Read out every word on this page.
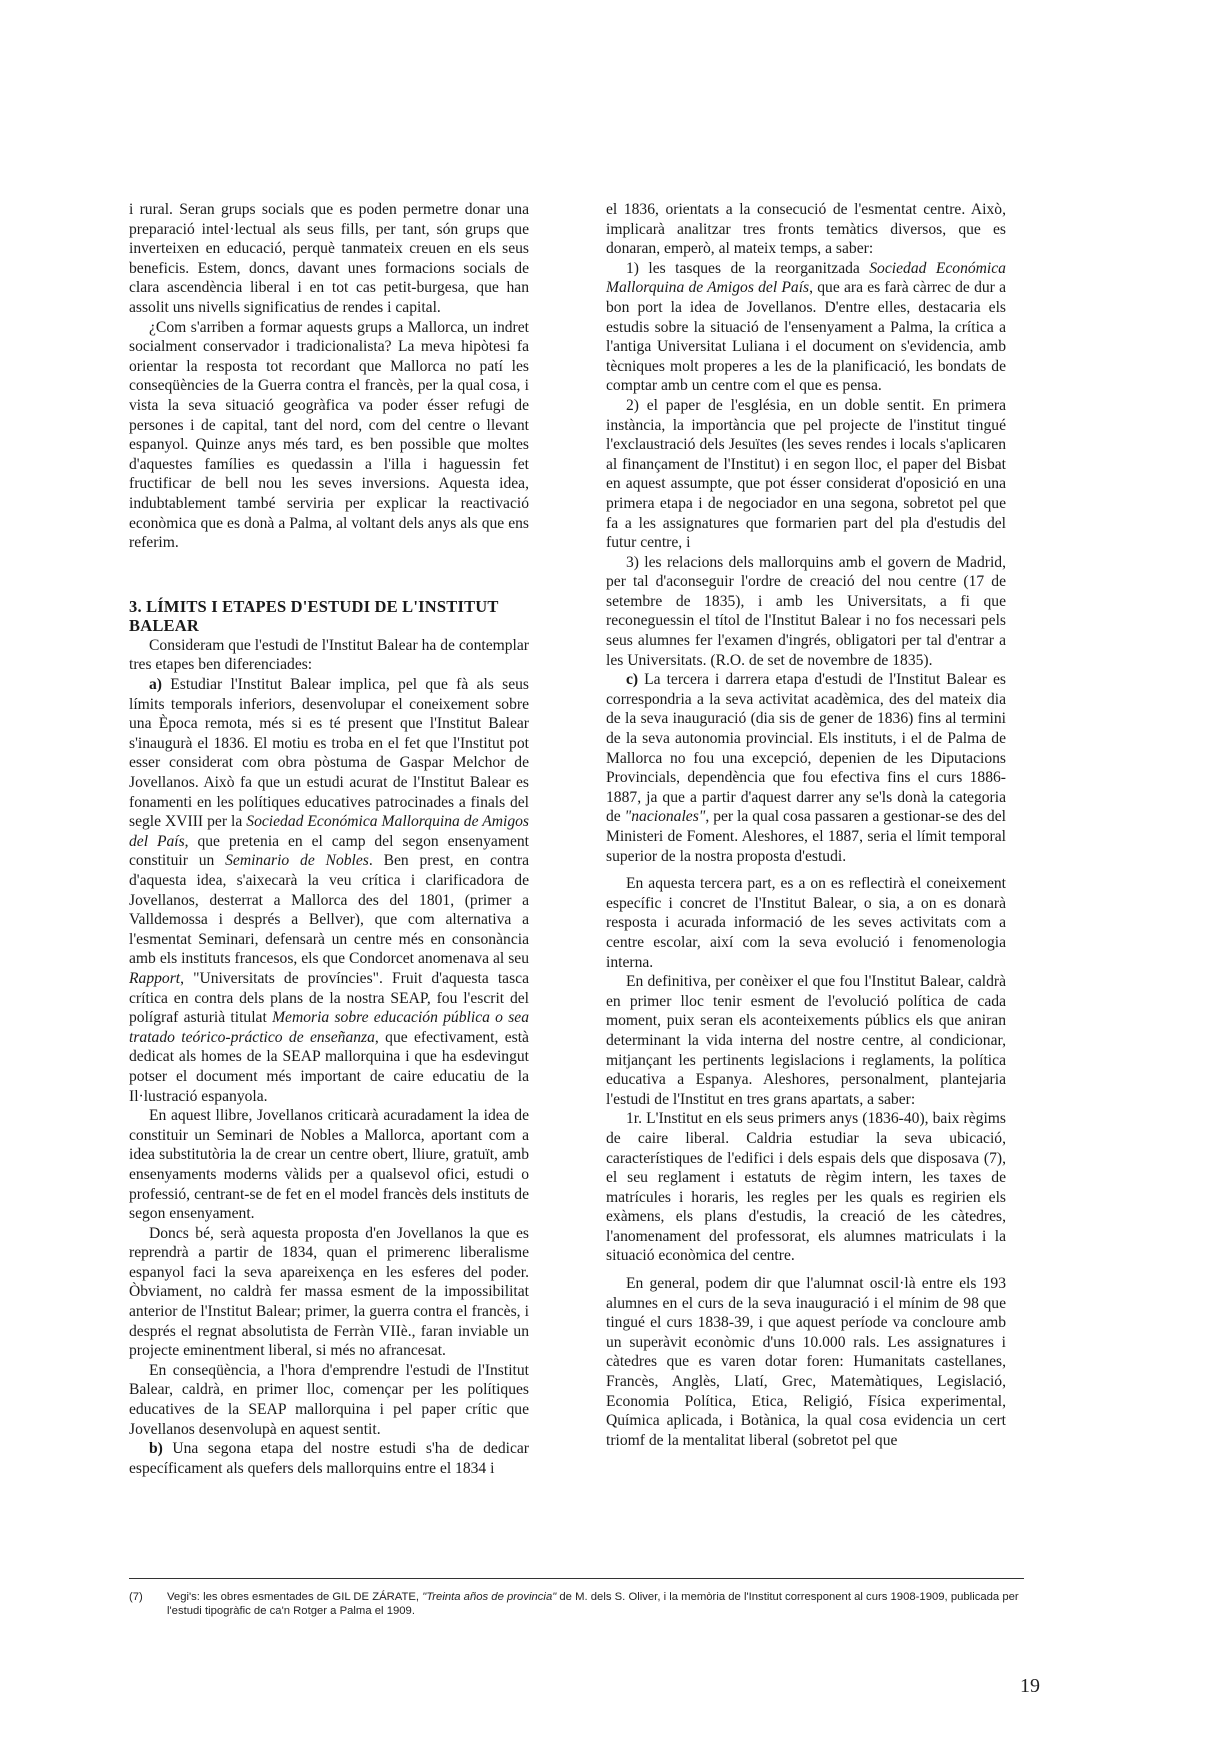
i rural. Seran grups socials que es poden permetre donar una preparació intel·lectual als seus fills, per tant, són grups que inverteixen en educació, perquè tanmateix creuen en els seus beneficis. Estem, doncs, davant unes formacions socials de clara ascendència liberal i en tot cas petit-burgesa, que han assolit uns nivells significatius de rendes i capital.

¿Com s'arriben a formar aquests grups a Mallorca, un indret socialment conservador i tradicionalista? La meva hipòtesi fa orientar la resposta tot recordant que Mallorca no patí les conseqüències de la Guerra contra el francès, per la qual cosa, i vista la seva situació geogràfica va poder ésser refugi de persones i de capital, tant del nord, com del centre o llevant espanyol. Quinze anys més tard, es ben possible que moltes d'aquestes famílies es quedassin a l'illa i haguessin fet fructificar de bell nou les seves inversions. Aquesta idea, indubtablement també serviria per explicar la reactivació econòmica que es donà a Palma, al voltant dels anys als que ens referim.

3. LÍMITS I ETAPES D'ESTUDI DE L'INSTITUT BALEAR

Consideram que l'estudi de l'Institut Balear ha de contemplar tres etapes ben diferenciades:

a) Estudiar l'Institut Balear implica, pel que fà als seus límits temporals inferiors, desenvolupar el coneixement sobre una Època remota, més si es té present que l'Institut Balear s'inaugurà el 1836. El motiu es troba en el fet que l'Institut pot esser considerat com obra pòstuma de Gaspar Melchor de Jovellanos. Això fa que un estudi acurat de l'Institut Balear es fonamenti en les polítiques educatives patrocinades a finals del segle XVIII per la Sociedad Económica Mallorquina de Amigos del País, que pretenia en el camp del segon ensenyament constituir un Seminario de Nobles. Ben prest, en contra d'aquesta idea, s'aixecarà la veu crítica i clarificadora de Jovellanos, desterrat a Mallorca des del 1801, (primer a Valldemossa i després a Bellver), que com alternativa a l'esmentat Seminari, defensarà un centre més en consonància amb els instituts francesos, els que Condorcet anomenava al seu Rapport, "Universitats de províncies". Fruit d'aquesta tasca crítica en contra dels plans de la nostra SEAP, fou l'escrit del polígraf asturià titulat Memoria sobre educación pública o sea tratado teórico-práctico de enseñanza, que efectivament, està dedicat als homes de la SEAP mallorquina i que ha esdevingut potser el document més important de caire educatiu de la Il·lustració espanyola.

En aquest llibre, Jovellanos criticarà acuradament la idea de constituir un Seminari de Nobles a Mallorca, aportant com a idea substitutòria la de crear un centre obert, lliure, gratuït, amb ensenyaments moderns vàlids per a qualsevol ofici, estudi o professió, centrant-se de fet en el model francès dels instituts de segon ensenyament.

Doncs bé, serà aquesta proposta d'en Jovellanos la que es reprendrà a partir de 1834, quan el primerenc liberalisme espanyol faci la seva apareixença en les esferes del poder. Òbviament, no caldrà fer massa esment de la impossibilitat anterior de l'Institut Balear; primer, la guerra contra el francès, i després el regnat absolutista de Ferràn VIIè., faran inviable un projecte eminentment liberal, si més no afrancesat.

En conseqüència, a l'hora d'emprendre l'estudi de l'Institut Balear, caldrà, en primer lloc, començar per les polítiques educatives de la SEAP mallorquina i pel paper crític que Jovellanos desenvolupà en aquest sentit.

b) Una segona etapa del nostre estudi s'ha de dedicar específicament als quefers dels mallorquins entre el 1834 i

el 1836, orientats a la consecució de l'esmentat centre. Això, implicarà analitzar tres fronts temàtics diversos, que es donaran, emperò, al mateix temps, a saber:

1) les tasques de la reorganitzada Sociedad Económica Mallorquina de Amigos del País, que ara es farà càrrec de dur a bon port la idea de Jovellanos. D'entre elles, destacaria els estudis sobre la situació de l'ensenyament a Palma, la crítica a l'antiga Universitat Luliana i el document on s'evidencia, amb tècniques molt properes a les de la planificació, les bondats de comptar amb un centre com el que es pensa.

2) el paper de l'església, en un doble sentit. En primera instància, la importància que pel projecte de l'institut tingué l'exclaustració dels Jesuïtes (les seves rendes i locals s'aplicaren al finançament de l'Institut) i en segon lloc, el paper del Bisbat en aquest assumpte, que pot ésser considerat d'oposició en una primera etapa i de negociador en una segona, sobretot pel que fa a les assignatures que formarien part del pla d'estudis del futur centre, i

3) les relacions dels mallorquins amb el govern de Madrid, per tal d'aconseguir l'ordre de creació del nou centre (17 de setembre de 1835), i amb les Universitats, a fi que reconeguessin el títol de l'Institut Balear i no fos necessari pels seus alumnes fer l'examen d'ingrés, obligatori per tal d'entrar a les Universitats. (R.O. de set de novembre de 1835).

c) La tercera i darrera etapa d'estudi de l'Institut Balear es correspondria a la seva activitat acadèmica, des del mateix dia de la seva inauguració (dia sis de gener de 1836) fins al termini de la seva autonomia provincial. Els instituts, i el de Palma de Mallorca no fou una excepció, depenien de les Diputacions Provincials, dependència que fou efectiva fins el curs 1886-1887, ja que a partir d'aquest darrer any se'ls donà la categoria de "nacionales", per la qual cosa passaren a gestionar-se des del Ministeri de Foment. Aleshores, el 1887, seria el límit temporal superior de la nostra proposta d'estudi.

En aquesta tercera part, es a on es reflectirà el coneixement específic i concret de l'Institut Balear, o sia, a on es donarà resposta i acurada informació de les seves activitats com a centre escolar, així com la seva evolució i fenomenologia interna.

En definitiva, per conèixer el que fou l'Institut Balear, caldrà en primer lloc tenir esment de l'evolució política de cada moment, puix seran els aconteixements públics els que aniran determinant la vida interna del nostre centre, al condicionar, mitjançant les pertinents legislacions i reglaments, la política educativa a Espanya. Aleshores, personalment, plantejaria l'estudi de l'Institut en tres grans apartats, a saber:

1r. L'Institut en els seus primers anys (1836-40), baix règims de caire liberal. Caldria estudiar la seva ubicació, característiques de l'edifici i dels espais dels que disposava (7), el seu reglament i estatuts de règim intern, les taxes de matrícules i horaris, les regles per les quals es regirien els exàmens, els plans d'estudis, la creació de les càtedres, l'anomenament del professorat, els alumnes matriculats i la situació econòmica del centre.

En general, podem dir que l'alumnat oscil·là entre els 193 alumnes en el curs de la seva inauguració i el mínim de 98 que tingué el curs 1838-39, i que aquest període va concloure amb un superàvit econòmic d'uns 10.000 rals. Les assignatures i càtedres que es varen dotar foren: Humanitats castellanes, Francès, Anglès, Llatí, Grec, Matemàtiques, Legislació, Economia Política, Etica, Religió, Física experimental, Química aplicada, i Botànica, la qual cosa evidencia un cert triomf de la mentalitat liberal (sobretot pel que

(7)	Vegi's: les obres esmentades de GIL DE ZÁRATE, "Treinta años de provincia" de M. dels S. Oliver, i la memòria de l'Institut corresponent al curs 1908-1909, publicada per l'estudi tipogràfic de ca'n Rotger a Palma el 1909.
19
